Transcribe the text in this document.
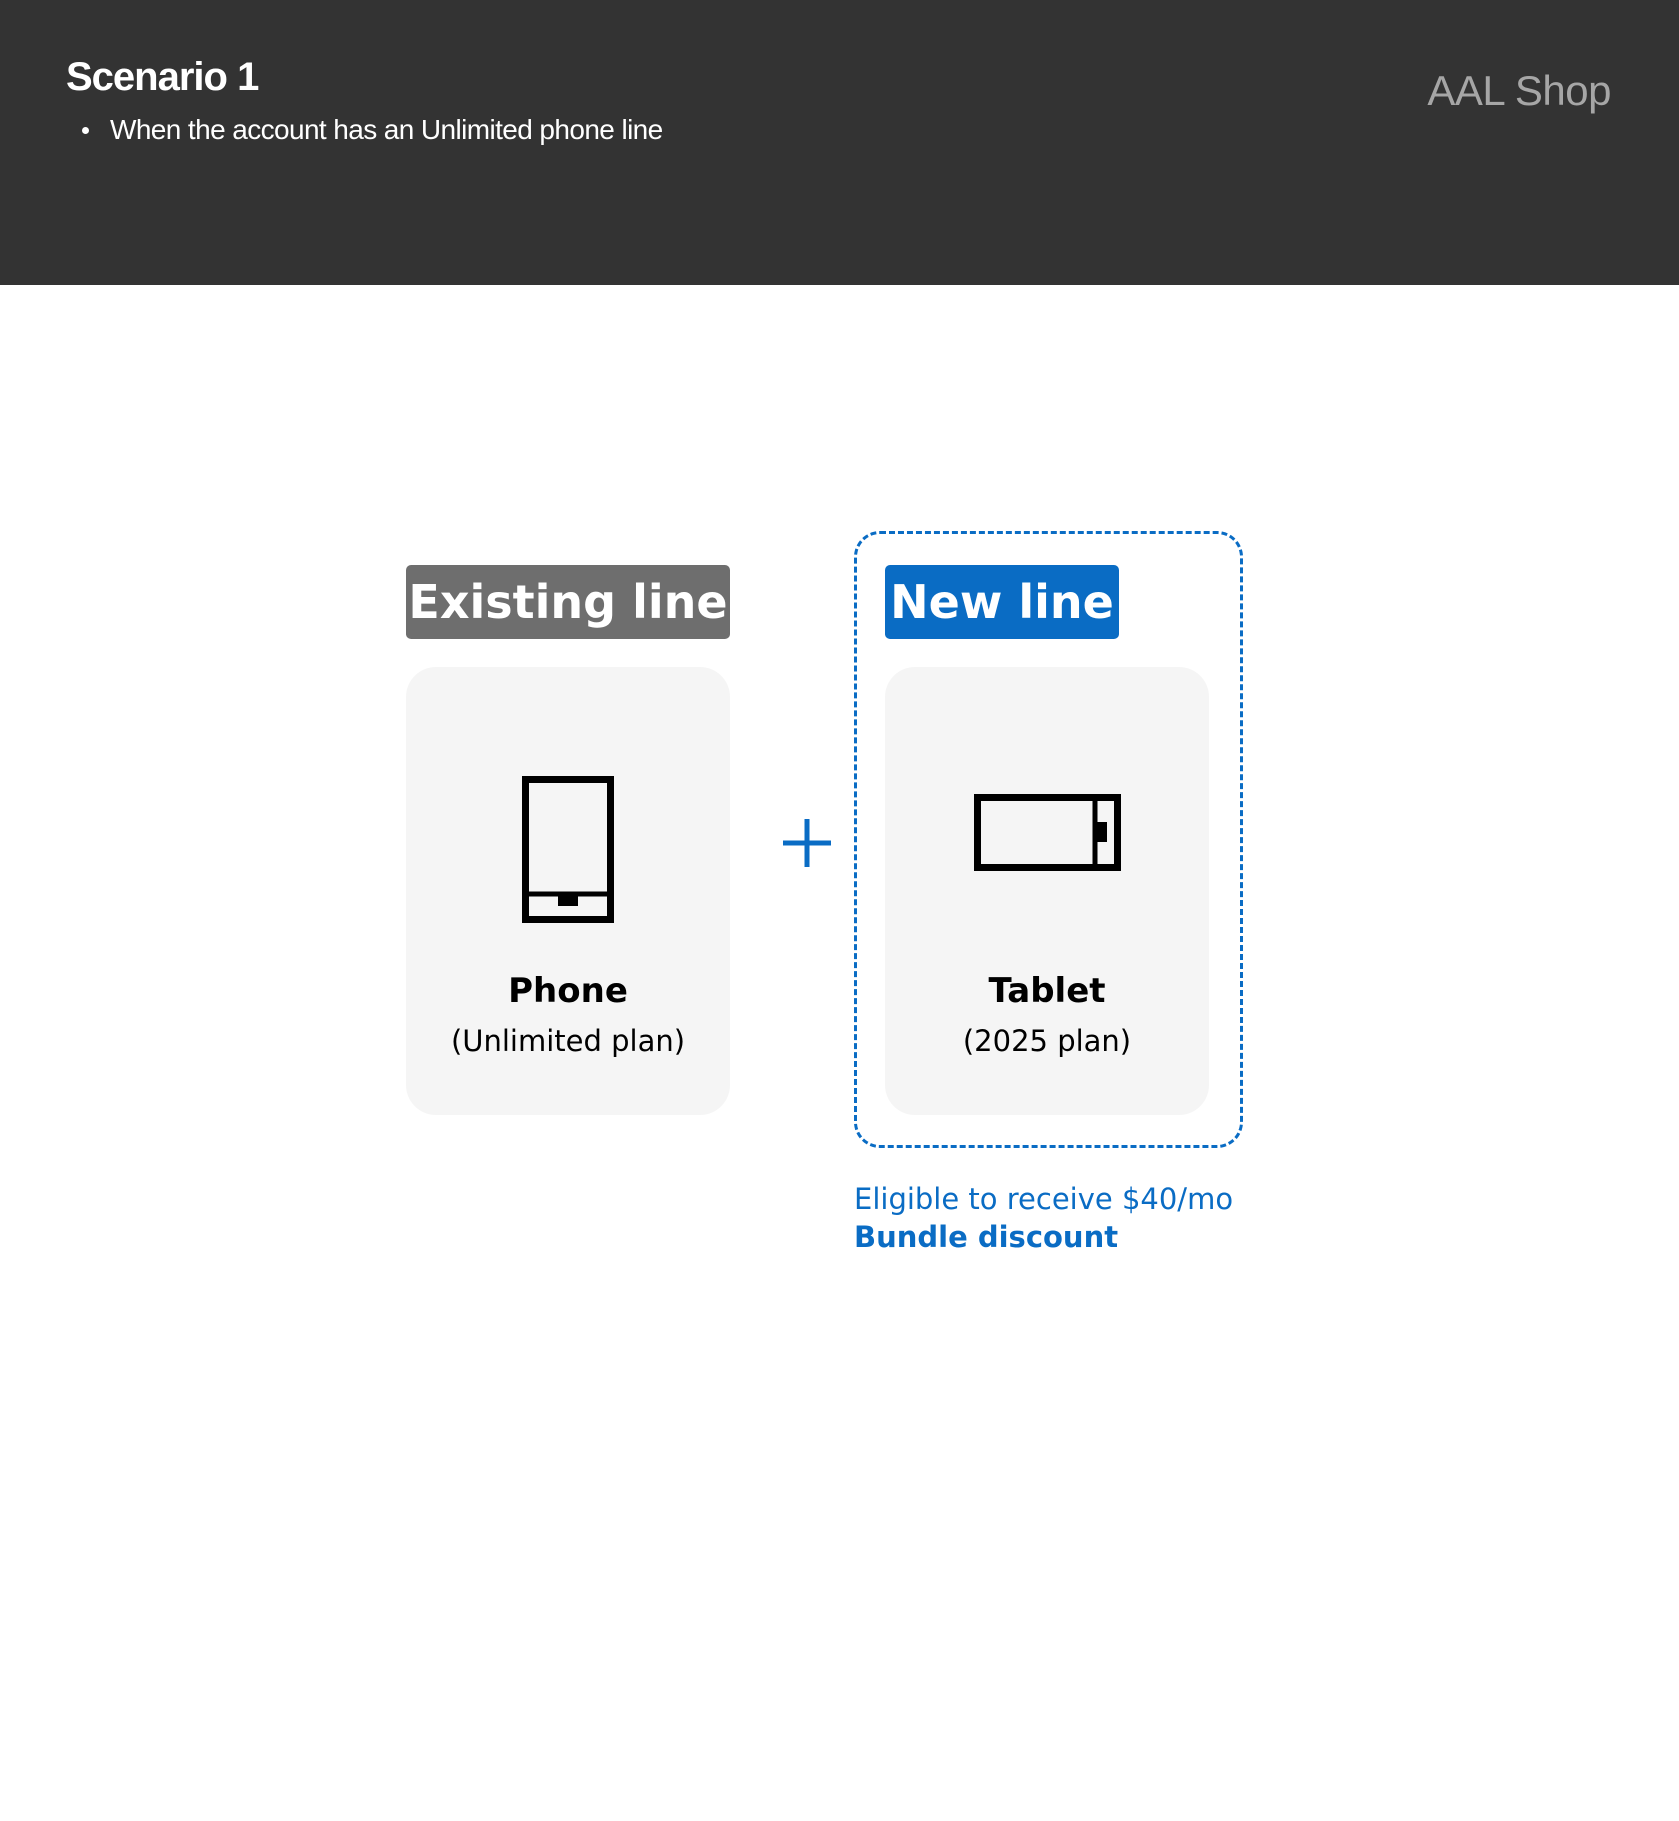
Scenario 1
When the account has an Unlimited phone line
AAL Shop
Existing line
Phone
(Unlimited plan)
New line
Tablet
(2025 plan)
Eligible to receive $40/mo
Bundle discount
